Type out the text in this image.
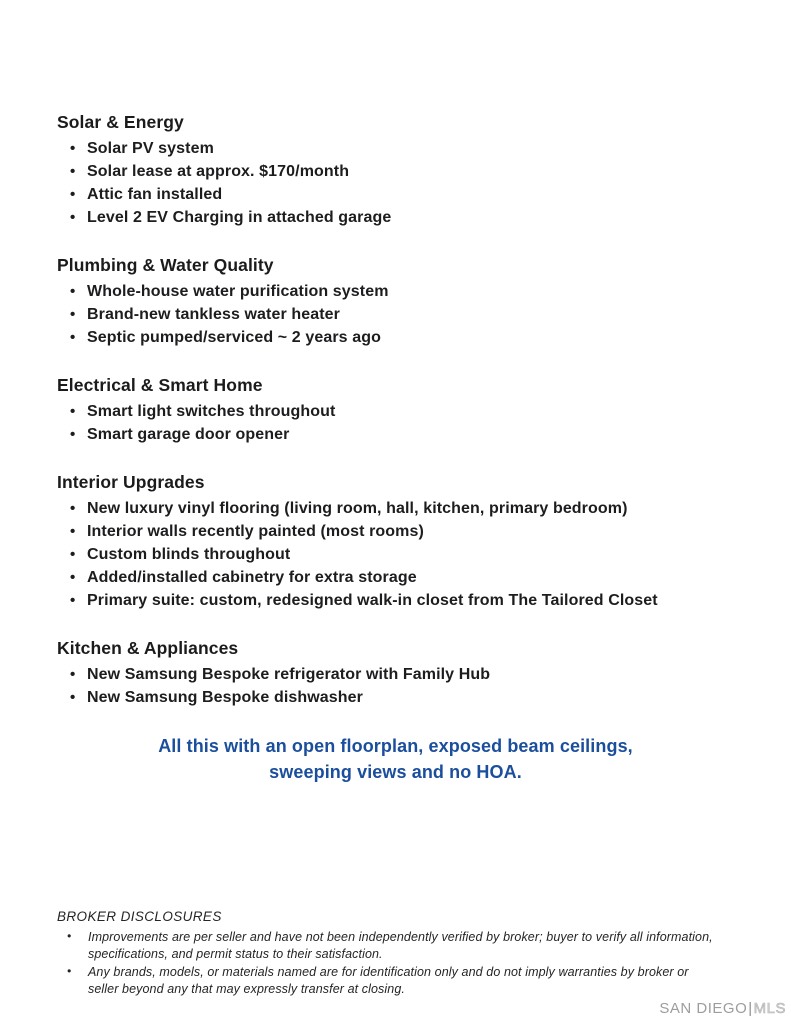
Solar & Energy
• Solar PV system
• Solar lease at approx. $170/month
• Attic fan installed
• Level 2 EV Charging in attached garage
Plumbing & Water Quality
• Whole-house water purification system
• Brand-new tankless water heater
• Septic pumped/serviced ~ 2 years ago
Electrical & Smart Home
• Smart light switches throughout
• Smart garage door opener
Interior Upgrades
• New luxury vinyl flooring (living room, hall, kitchen, primary bedroom)
• Interior walls recently painted (most rooms)
• Custom blinds throughout
• Added/installed cabinetry for extra storage
• Primary suite: custom, redesigned walk-in closet from The Tailored Closet
Kitchen & Appliances
• New Samsung Bespoke refrigerator with Family Hub
• New Samsung Bespoke dishwasher
All this with an open floorplan, exposed beam ceilings,
sweeping views and no HOA.
BROKER DISCLOSURES
• Improvements are per seller and have not been independently verified by broker; buyer to verify all information, specifications, and permit status to their satisfaction.
• Any brands, models, or materials named are for identification only and do not imply warranties by broker or seller beyond any that may expressly transfer at closing.
SAN DIEGO|MLS
